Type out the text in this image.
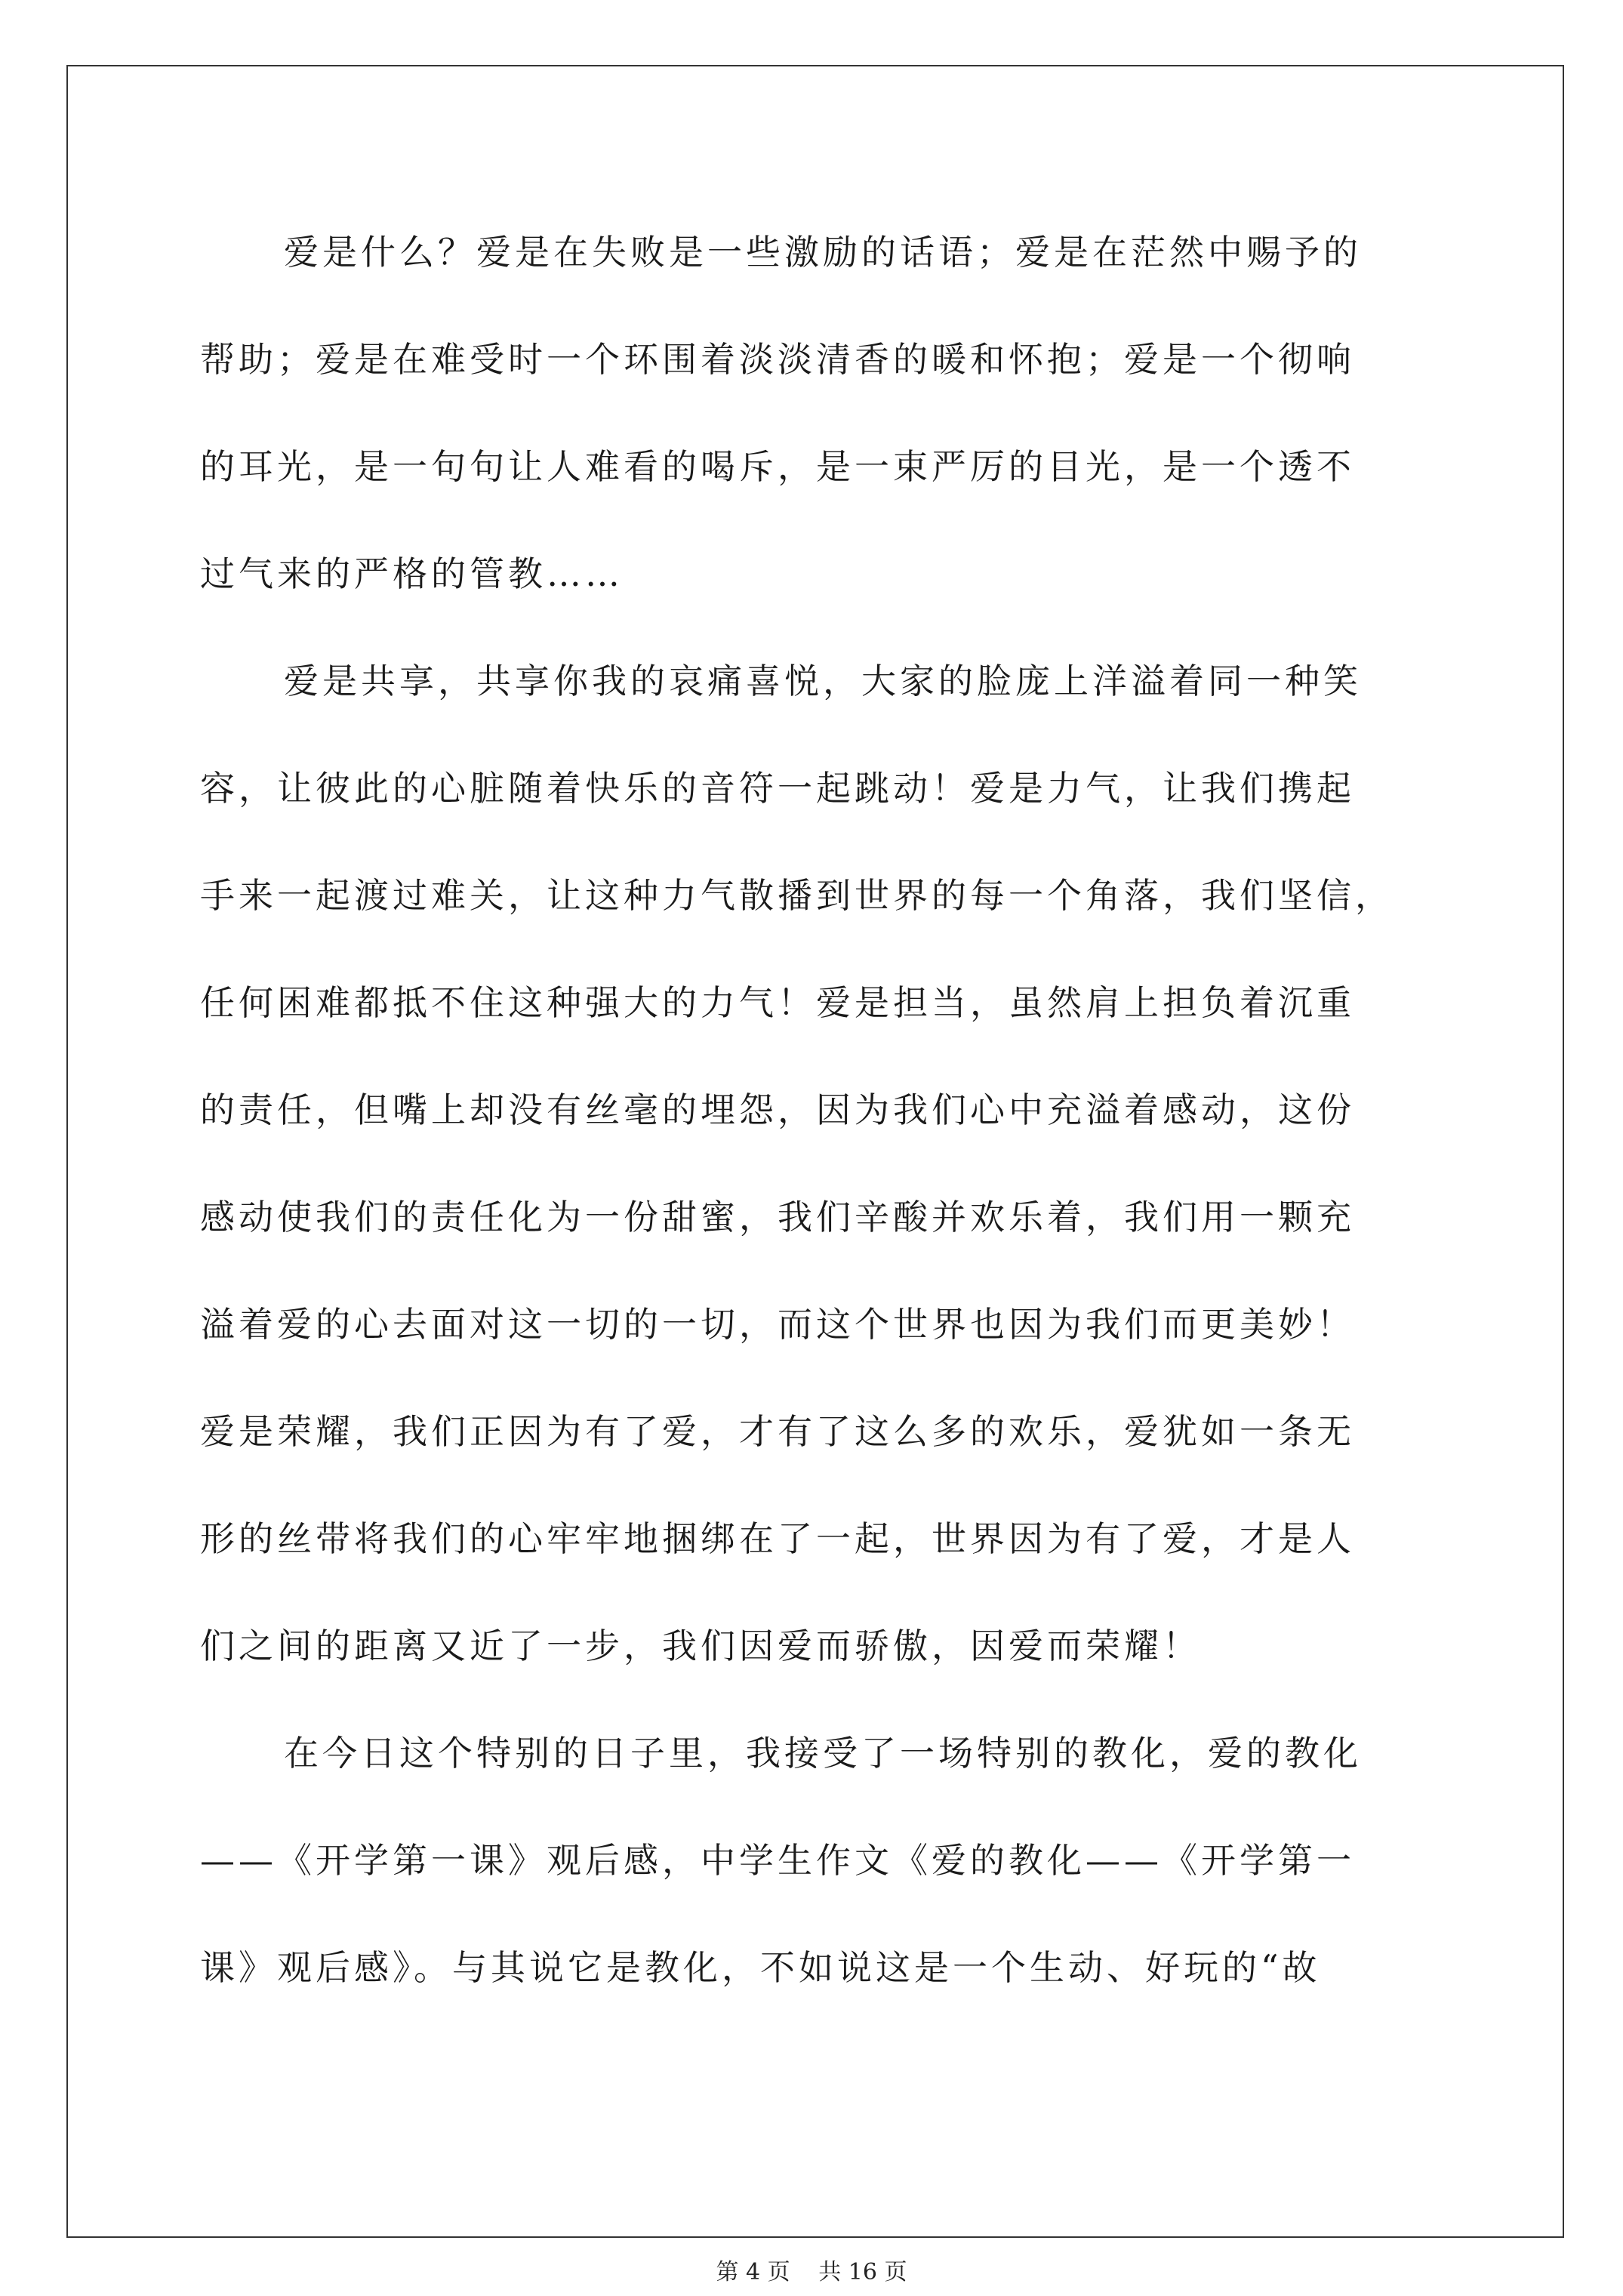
爱是什么？爱是在失败是一些激励的话语；爱是在茫然中赐予的
帮助；爱是在难受时一个环围着淡淡清香的暖和怀抱；爱是一个彻响
的耳光，是一句句让人难看的喝斥，是一束严厉的目光，是一个透不
过气来的严格的管教……
爱是共享，共享你我的哀痛喜悦，大家的脸庞上洋溢着同一种笑
容，让彼此的心脏随着快乐的音符一起跳动！爱是力气，让我们携起
手来一起渡过难关，让这种力气散播到世界的每一个角落，我们坚信，
任何困难都抵不住这种强大的力气！爱是担当，虽然肩上担负着沉重
的责任，但嘴上却没有丝毫的埋怨，因为我们心中充溢着感动，这份
感动使我们的责任化为一份甜蜜，我们辛酸并欢乐着，我们用一颗充
溢着爱的心去面对这一切的一切，而这个世界也因为我们而更美妙！
爱是荣耀，我们正因为有了爱，才有了这么多的欢乐，爱犹如一条无
形的丝带将我们的心牢牢地捆绑在了一起，世界因为有了爱，才是人
们之间的距离又近了一步，我们因爱而骄傲，因爱而荣耀！
在今日这个特别的日子里，我接受了一场特别的教化，爱的教化
——《开学第一课》观后感，中学生作文《爱的教化——《开学第一
课》观后感》。与其说它是教化，不如说这是一个生动、好玩的“故
第 4 页 共 16 页
